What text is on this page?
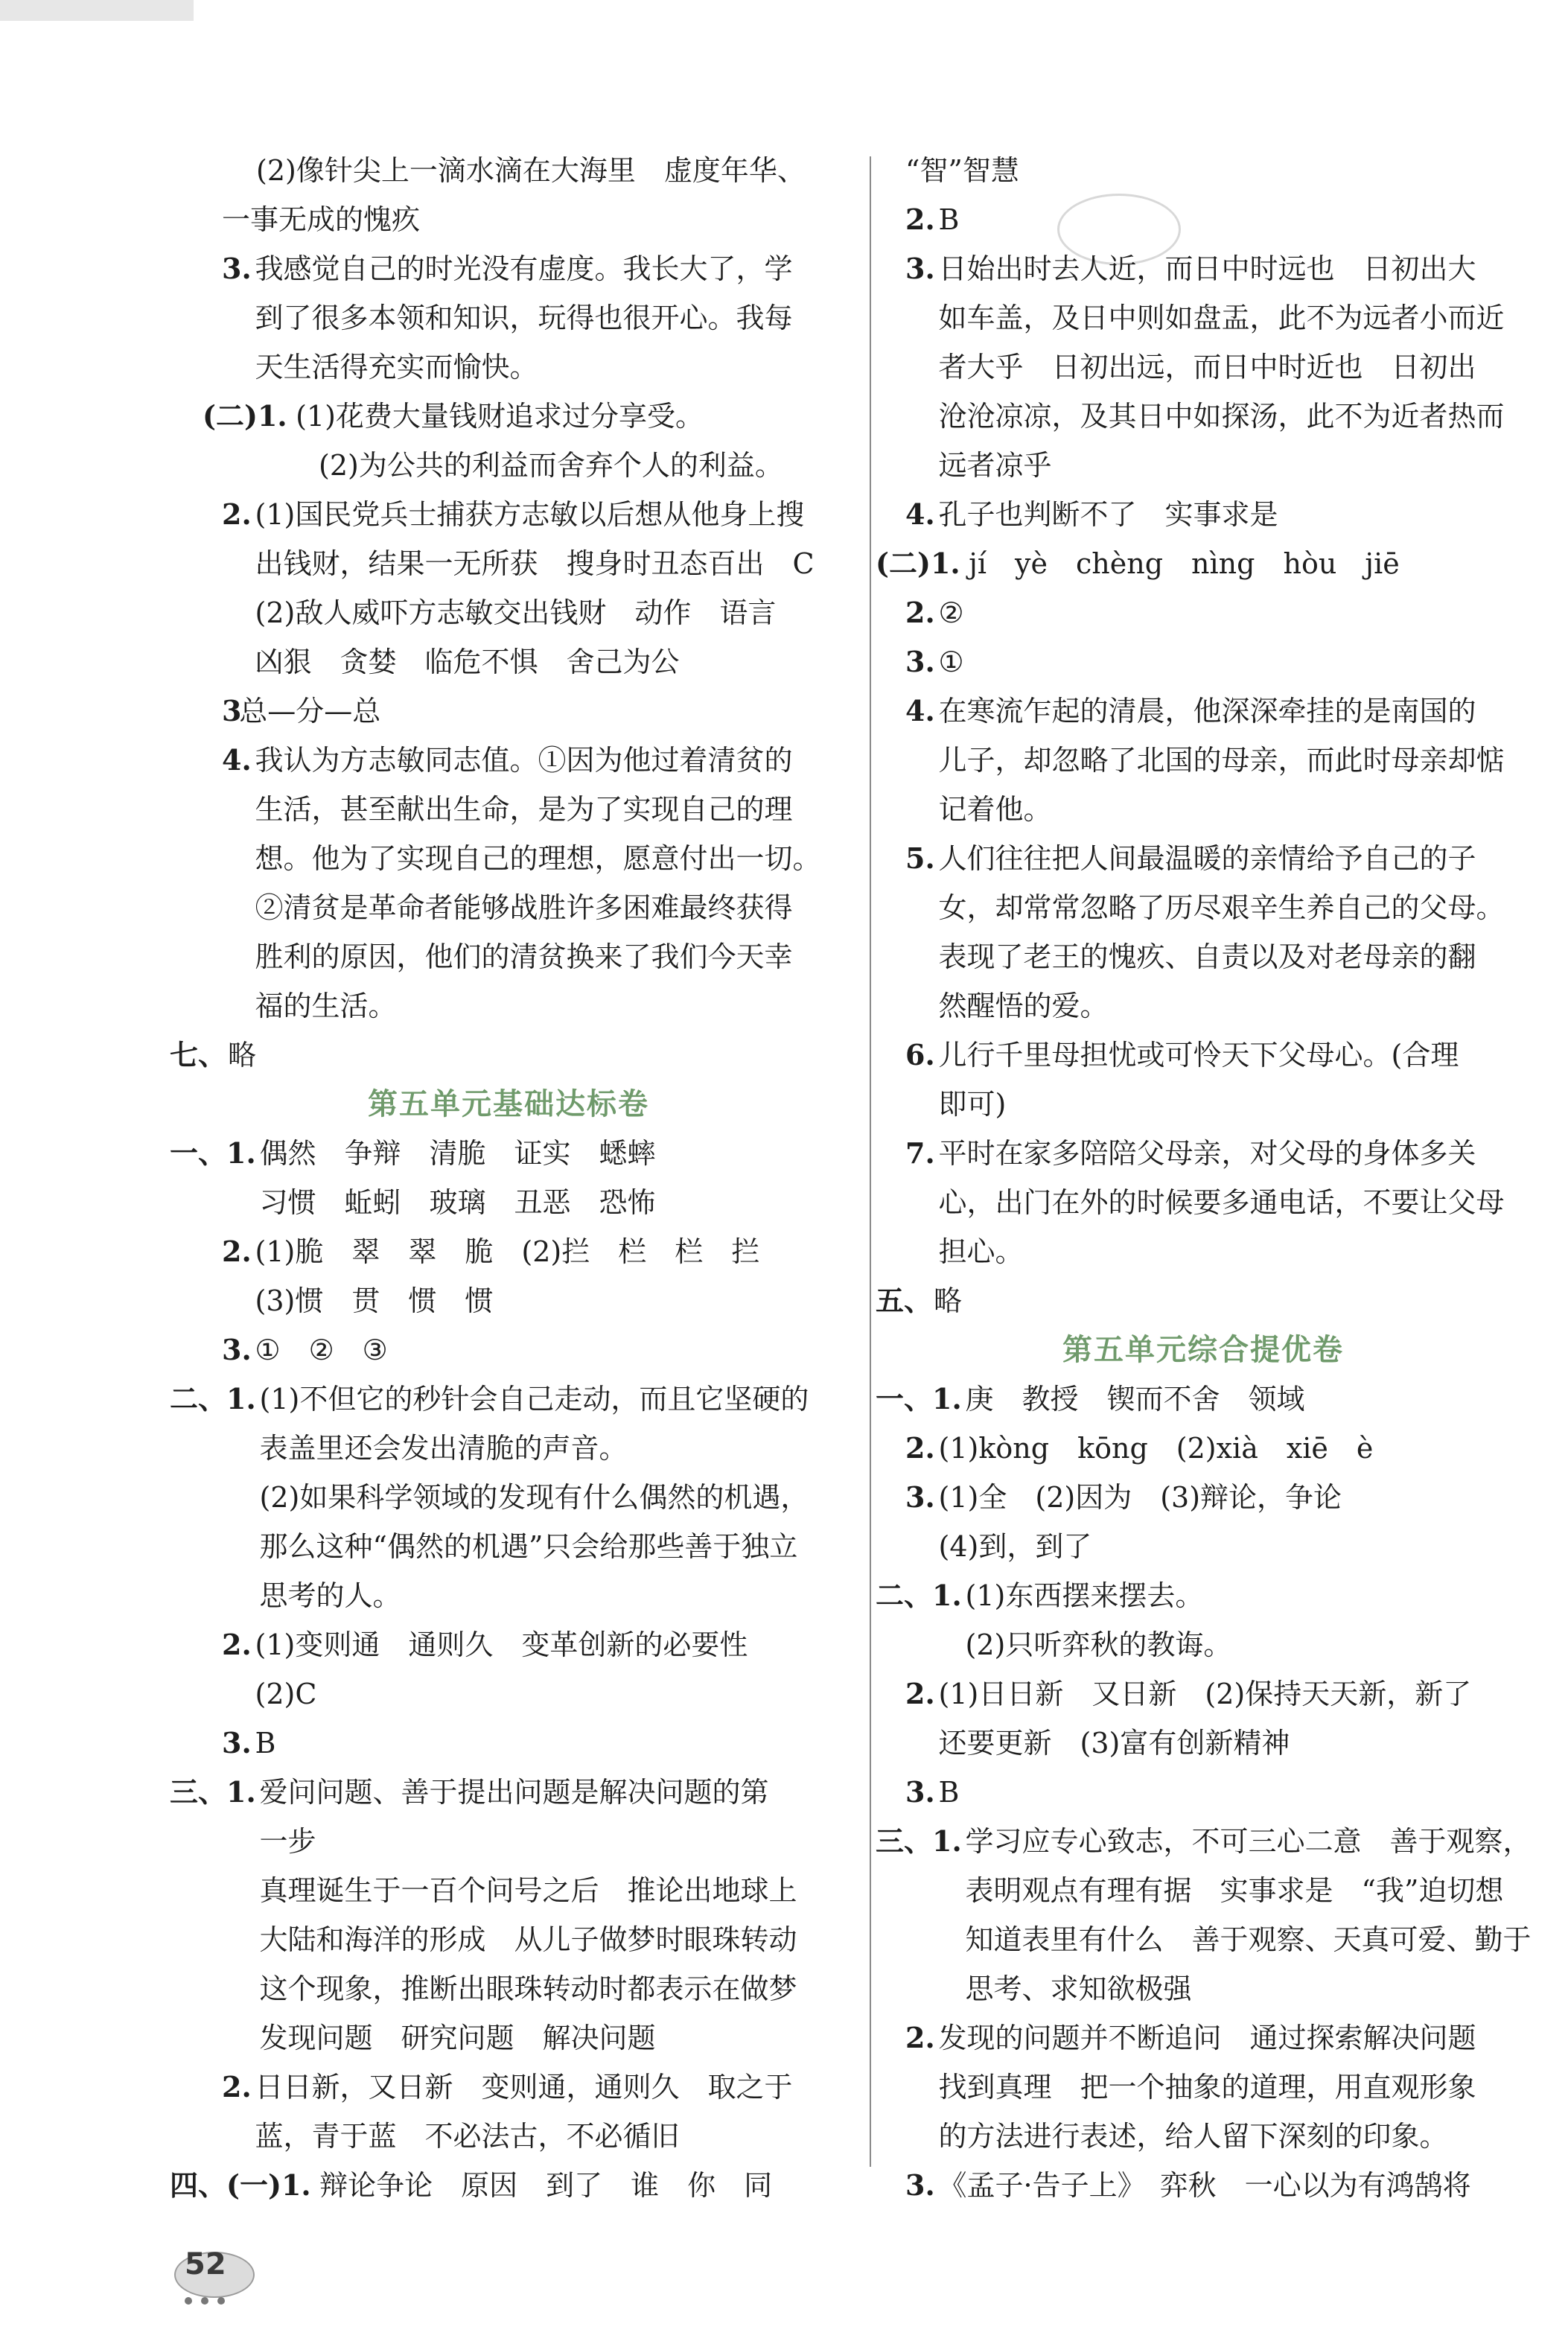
(2)像针尖上一滴水滴在大海里　虚度年华、
一事无成的愧疚
3. 我感觉自己的时光没有虚度。我长大了，学
到了很多本领和知识，玩得也很开心。我每
天生活得充实而愉快。
(二)1. (1)花费大量钱财追求过分享受。
(2)为公共的利益而舍弃个人的利益。
2. (1)国民党兵士捕获方志敏以后想从他身上搜
出钱财，结果一无所获　搜身时丑态百出　C
(2)敌人威吓方志敏交出钱财　动作　语言
凶狠　贪婪　临危不惧　舍己为公
3
总—分—总
4. 我认为方志敏同志值。①因为他过着清贫的
生活，甚至献出生命，是为了实现自己的理
想。他为了实现自己的理想，愿意付出一切。
②清贫是革命者能够战胜许多困难最终获得
胜利的原因，他们的清贫换来了我们今天幸
福的生活。
七、 略
第五单元基础达标卷
一、1. 偶然　争辩　清脆　证实　蟋蟀
习惯　蚯蚓　玻璃　丑恶　恐怖
2. (1)脆　翠　翠　脆　(2)拦　栏　栏　拦
(3)惯　贯　惯　惯
3. ①　②　③
二、1. (1)不但它的秒针会自己走动，而且它坚硬的
表盖里还会发出清脆的声音。
(2)如果科学领域的发现有什么偶然的机遇，
那么这种“偶然的机遇”只会给那些善于独立
思考的人。
2. (1)变则通　通则久　变革创新的必要性
(2)C
3. B
三、1. 爱问问题、善于提出问题是解决问题的第
一步
真理诞生于一百个问号之后　推论出地球上
大陆和海洋的形成　从儿子做梦时眼珠转动
这个现象，推断出眼珠转动时都表示在做梦
发现问题　研究问题　解决问题
2. 日日新，又日新　变则通，通则久　取之于
蓝，青于蓝　不必法古，不必循旧
四、(一)1. 辩论争论　原因　到了　谁　你　同
“智”智慧
2. B
3. 日始出时去人近，而日中时远也　日初出大
如车盖，及日中则如盘盂，此不为远者小而近
者大乎　日初出远，而日中时近也　日初出
沧沧凉凉，及其日中如探汤，此不为近者热而
远者凉乎
4. 孔子也判断不了　实事求是
(二)1. jí　yè　chèng　nìng　hòu　jiē
2. ②
3. ①
4. 在寒流乍起的清晨，他深深牵挂的是南国的
儿子，却忽略了北国的母亲，而此时母亲却惦
记着他。
5. 人们往往把人间最温暖的亲情给予自己的子
女，却常常忽略了历尽艰辛生养自己的父母。
表现了老王的愧疚、自责以及对老母亲的翻
然醒悟的爱。
6. 儿行千里母担忧或可怜天下父母心。(合理
即可)
7. 平时在家多陪陪父母亲，对父母的身体多关
心，出门在外的时候要多通电话，不要让父母
担心。
五、 略
第五单元综合提优卷
一、1. 庚　教授　锲而不舍　领域
2. (1)kòng　kōng　(2)xià　xiē　è
3. (1)全　(2)因为　(3)辩论，争论
(4)到，到了
二、1. (1)东西摆来摆去。
(2)只听弈秋的教诲。
2. (1)日日新　又日新　(2)保持天天新，新了
还要更新　(3)富有创新精神
3. B
三、1. 学习应专心致志，不可三心二意　善于观察，
表明观点有理有据　实事求是　“我”迫切想
知道表里有什么　善于观察、天真可爱、勤于
思考、求知欲极强
2. 发现的问题并不断追问　通过探索解决问题
找到真理　把一个抽象的道理，用直观形象
的方法进行表述，给人留下深刻的印象。
3. 《孟子·告子上》　弈秋　一心以为有鸿鹄将
52
